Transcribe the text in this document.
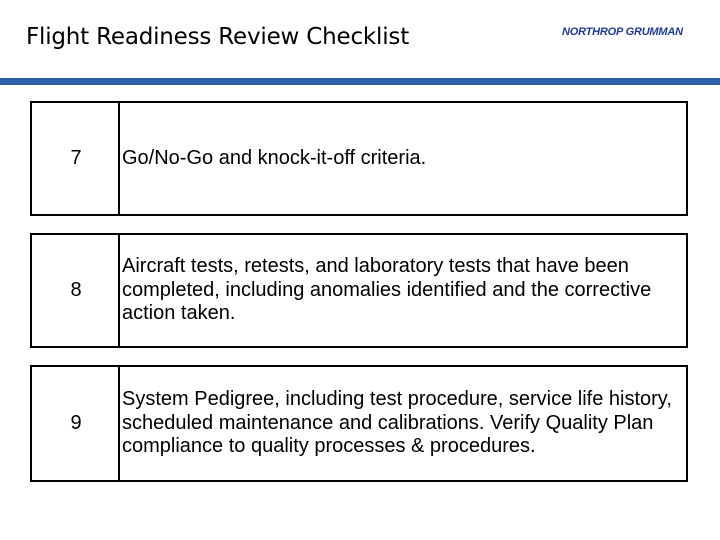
Flight Readiness Review Checklist	NORTHROP GRUMMAN
7	Go/No-Go and knock-it-off criteria.
8
Aircraft tests, retests, and laboratory tests that have been completed, including anomalies identified and the corrective action taken.
9
System Pedigree, including test procedure, service life history, scheduled maintenance and calibrations. Verify Quality Plan compliance to quality processes & procedures.
